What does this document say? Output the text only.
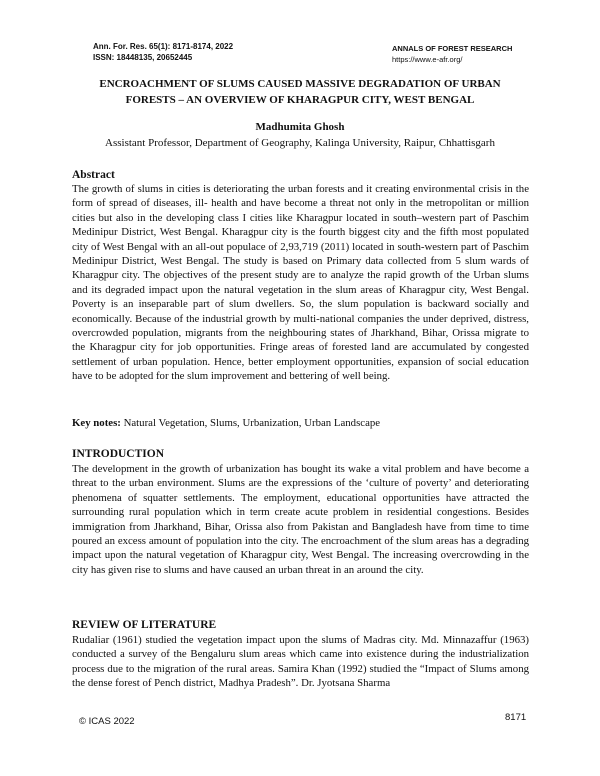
Ann. For. Res. 65(1): 8171-8174, 2022
ISSN: 18448135, 20652445
ANNALS OF FOREST RESEARCH
https://www.e-afr.org/
ENCROACHMENT OF SLUMS CAUSED MASSIVE DEGRADATION OF URBAN
FORESTS – AN OVERVIEW OF KHARAGPUR CITY, WEST BENGAL
Madhumita Ghosh
Assistant Professor, Department of Geography, Kalinga University, Raipur, Chhattisgarh
Abstract

The growth of slums in cities is deteriorating the urban forests and it creating environmental crisis in the form of spread of diseases, ill- health and have become a threat not only in the metropolitan or million cities but also in the developing class I cities like Kharagpur located in south–western part of Paschim Medinipur District, West Bengal. Kharagpur city is the fourth biggest city and the fifth most populated city of West Bengal with an all-out populace of 2,93,719 (2011) located in south-western part of Paschim Medinipur District, West Bengal. The study is based on Primary data collected from 5 slum wards of Kharagpur city. The objectives of the present study are to analyze the rapid growth of the Urban slums and its degraded impact upon the natural vegetation in the slum areas of Kharagpur city, West Bengal. Poverty is an inseparable part of slum dwellers. So, the slum population is backward socially and economically. Because of the industrial growth by multi-national companies the under deprived, distress, overcrowded population, migrants from the neighbouring states of Jharkhand, Bihar, Orissa migrate to the Kharagpur city for job opportunities. Fringe areas of forested land are accumulated by congested settlement of urban population. Hence, better employment opportunities, expansion of social education have to be adopted for the slum improvement and bettering of well being.

Key notes: Natural Vegetation, Slums, Urbanization, Urban Landscape
INTRODUCTION

The development in the growth of urbanization has bought its wake a vital problem and have become a threat to the urban environment. Slums are the expressions of the ‘culture of poverty’ and deteriorating phenomena of squatter settlements. The employment, educational opportunities have attracted the surrounding rural population which in term create acute problem in residential congestions. Besides immigration from Jharkhand, Bihar, Orissa also from Pakistan and Bangladesh have from time to time poured an excess amount of population into the city. The encroachment of the slum areas has a degrading impact upon the natural vegetation of Kharagpur city, West Bengal. The increasing overcrowding in the city has given rise to slums and have caused an urban threat in an around the city.

REVIEW OF LITERATURE

Rudaliar (1961) studied the vegetation impact upon the slums of Madras city. Md. Minnazaffur (1963) conducted a survey of the Bengaluru slum areas which came into existence during the industrialization process due to the migration of the rural areas. Samira Khan (1992) studied the “Impact of Slums among the dense forest of Pench district, Madhya Pradesh”. Dr. Jyotsana Sharma

© ICAS 2022	8171
